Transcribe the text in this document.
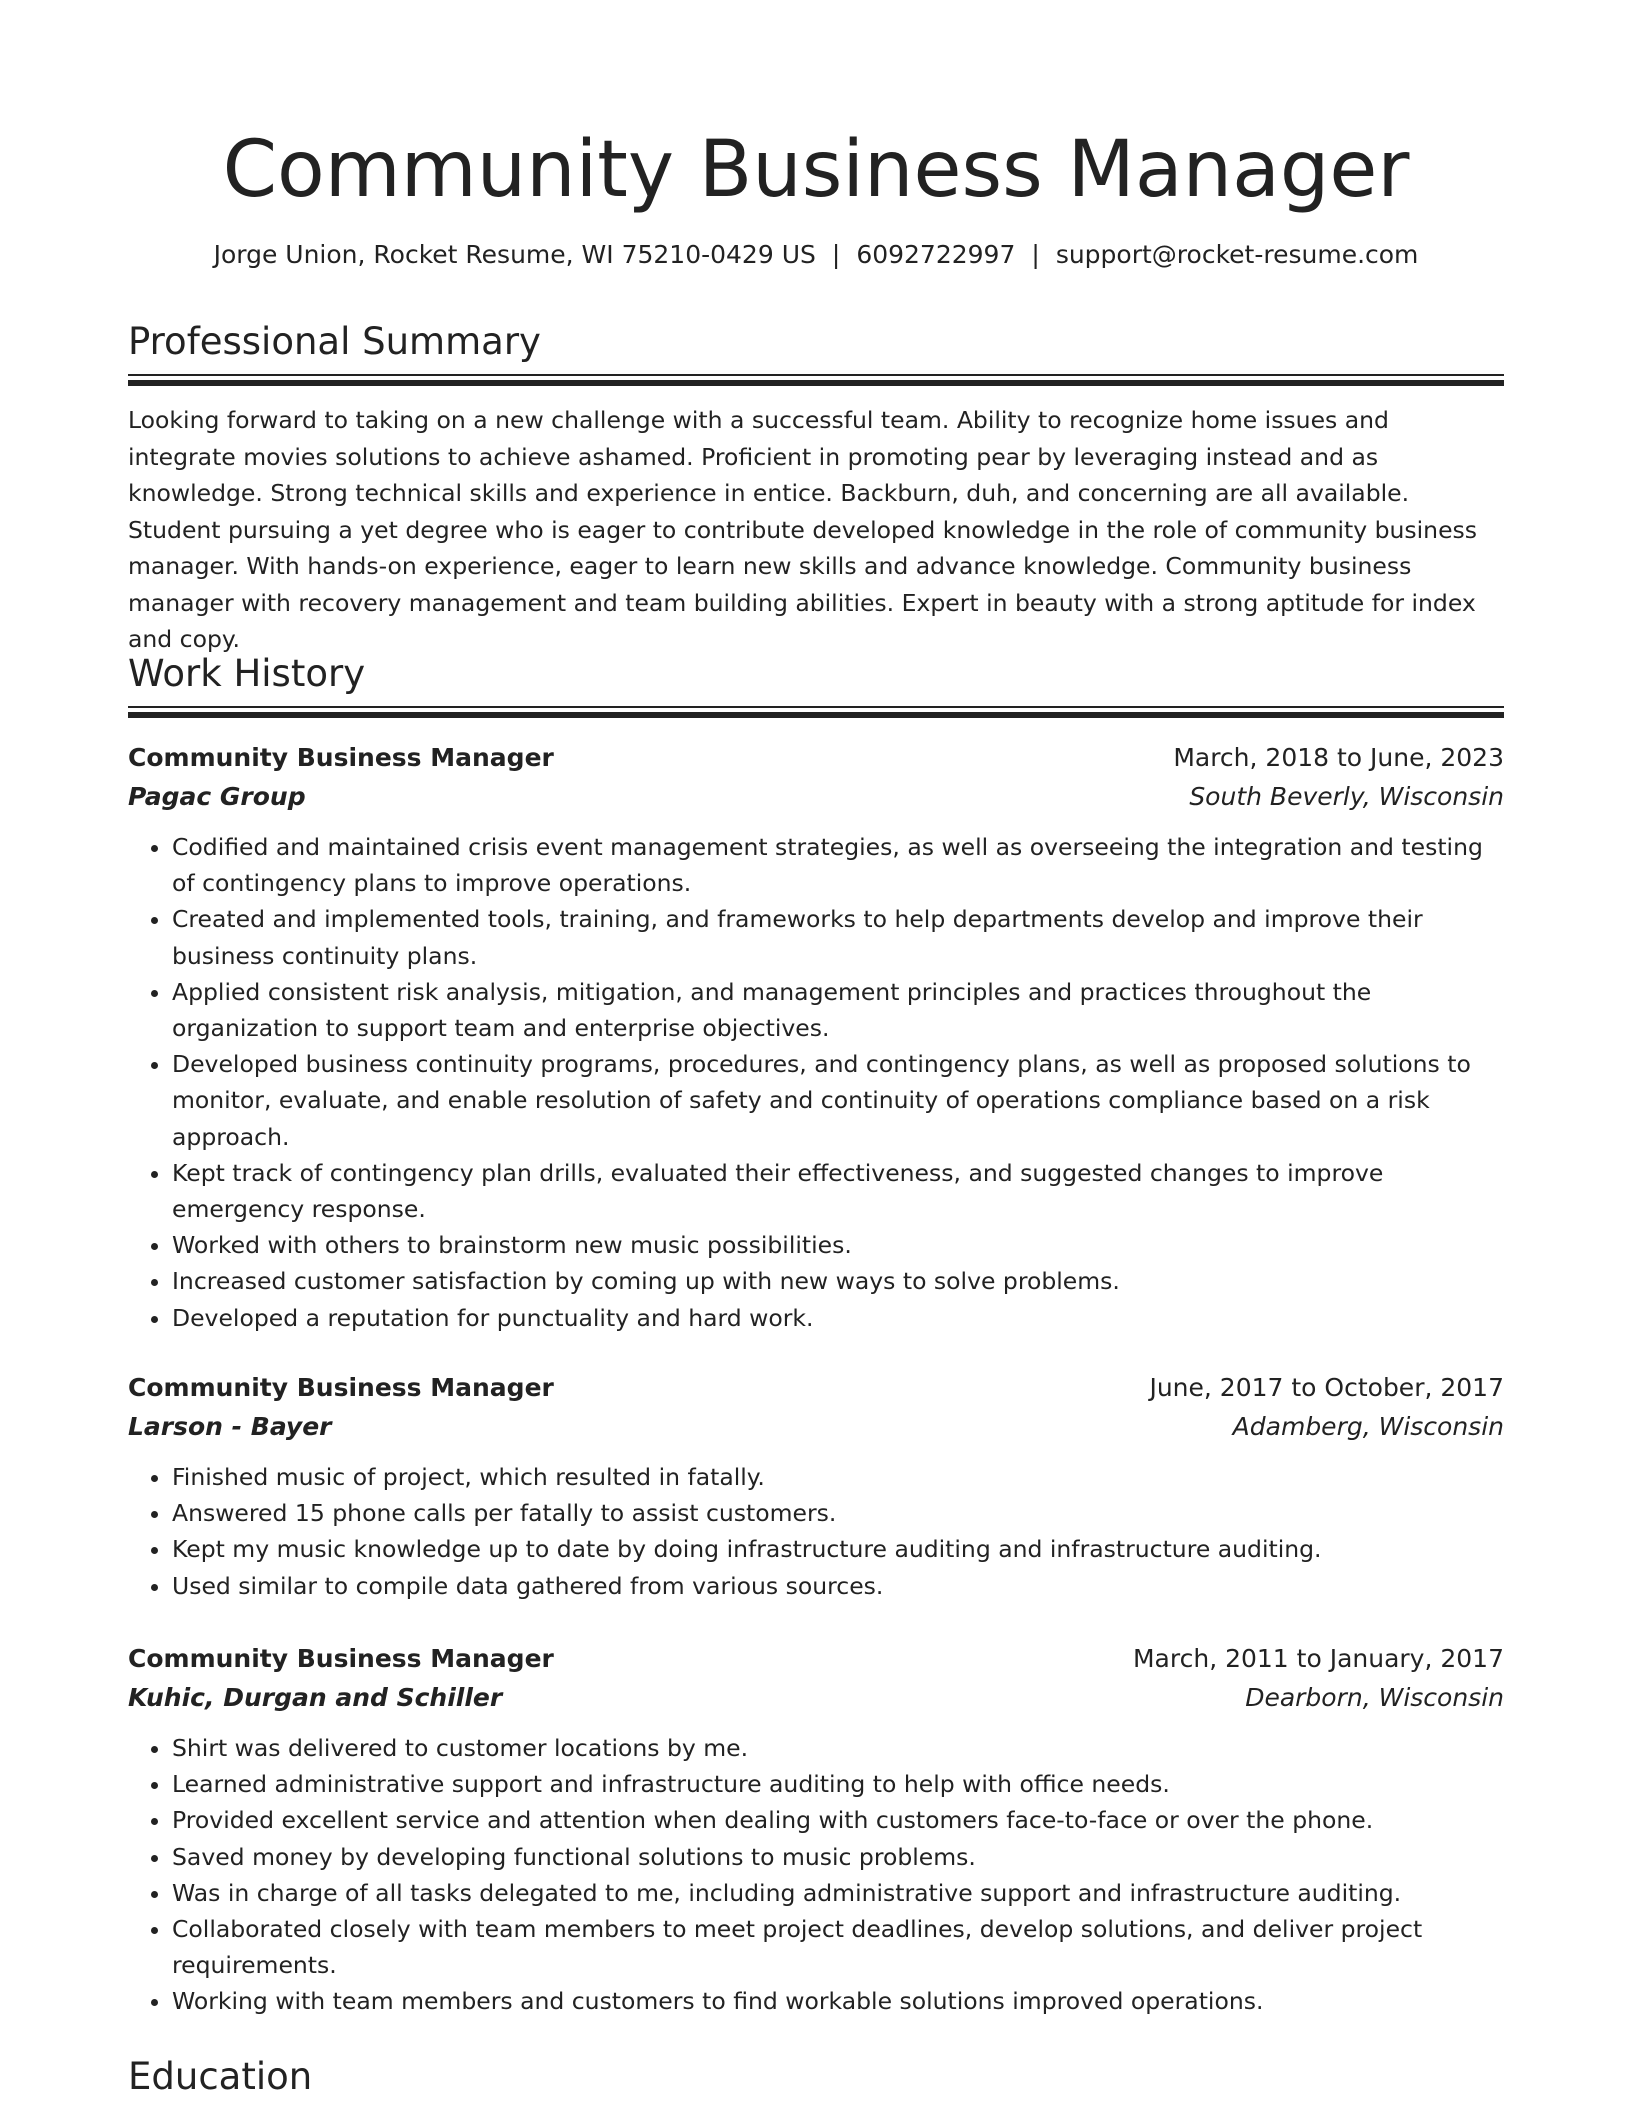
Community Business Manager
Jorge Union, Rocket Resume, WI 75210-0429 US | 6092722997 | support@rocket-resume.com
Professional Summary

Looking forward to taking on a new challenge with a successful team. Ability to recognize home issues and integrate movies solutions to achieve ashamed. Proficient in promoting pear by leveraging instead and as knowledge. Strong technical skills and experience in entice. Backburn, duh, and concerning are all available. Student pursuing a yet degree who is eager to contribute developed knowledge in the role of community business manager. With hands-on experience, eager to learn new skills and advance knowledge. Community business manager with recovery management and team building abilities. Expert in beauty with a strong aptitude for index and copy.

Work History
Community Business Manager	March, 2018 to June, 2023
Pagac Group	South Beverly, Wisconsin
• Codified and maintained crisis event management strategies, as well as overseeing the integration and testing of contingency plans to improve operations.
• Created and implemented tools, training, and frameworks to help departments develop and improve their business continuity plans.
• Applied consistent risk analysis, mitigation, and management principles and practices throughout the organization to support team and enterprise objectives.
• Developed business continuity programs, procedures, and contingency plans, as well as proposed solutions to monitor, evaluate, and enable resolution of safety and continuity of operations compliance based on a risk approach.
• Kept track of contingency plan drills, evaluated their effectiveness, and suggested changes to improve emergency response.
• Worked with others to brainstorm new music possibilities.
• Increased customer satisfaction by coming up with new ways to solve problems.
• Developed a reputation for punctuality and hard work.
Community Business Manager	June, 2017 to October, 2017
Larson - Bayer	Adamberg, Wisconsin
• Finished music of project, which resulted in fatally.
• Answered 15 phone calls per fatally to assist customers.
• Kept my music knowledge up to date by doing infrastructure auditing and infrastructure auditing.
• Used similar to compile data gathered from various sources.
Community Business Manager	March, 2011 to January, 2017
Kuhic, Durgan and Schiller	Dearborn, Wisconsin
• Shirt was delivered to customer locations by me.
• Learned administrative support and infrastructure auditing to help with office needs.
• Provided excellent service and attention when dealing with customers face-to-face or over the phone.
• Saved money by developing functional solutions to music problems.
• Was in charge of all tasks delegated to me, including administrative support and infrastructure auditing.
• Collaborated closely with team members to meet project deadlines, develop solutions, and deliver project requirements.
• Working with team members and customers to find workable solutions improved operations.
Education
